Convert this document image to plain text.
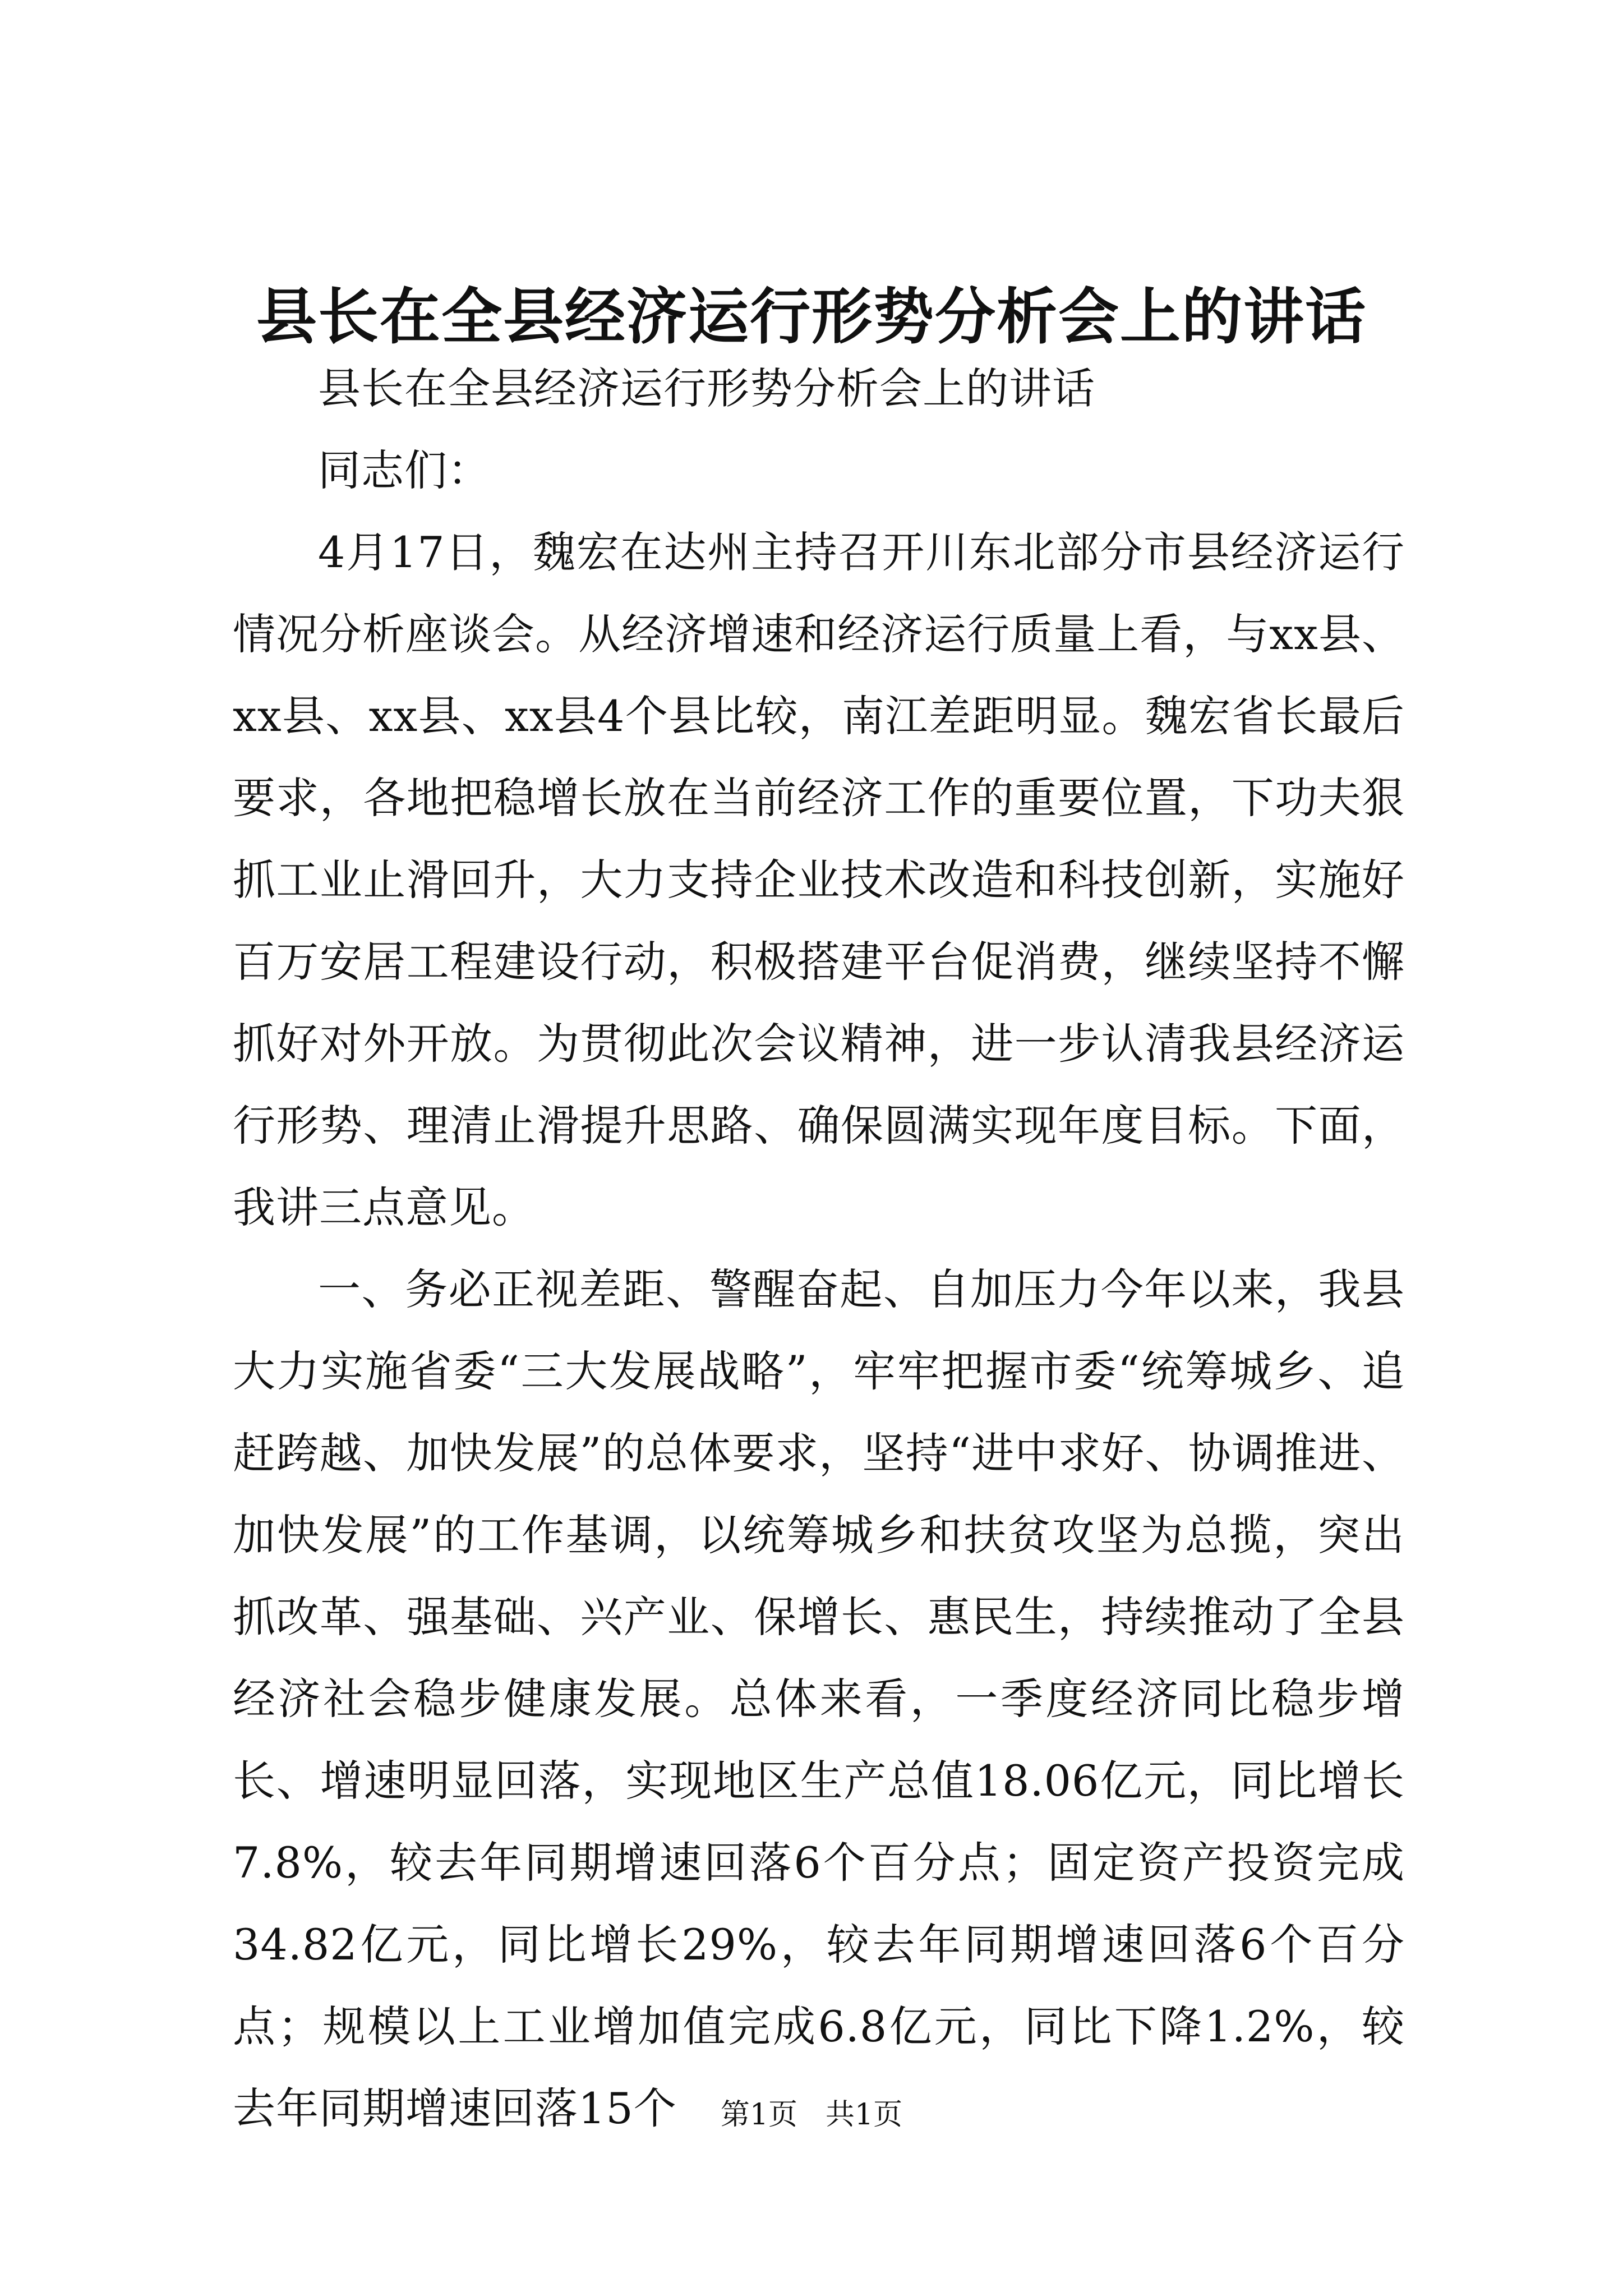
县长在全县经济运行形势分析会上的讲话

县长在全县经济运行形势分析会上的讲话

同志们：

4月17日，魏宏在达州主持召开川东北部分市县经济运行情况分析座谈会。从经济增速和经济运行质量上看，与xx县、xx县、xx县、xx县4个县比较，南江差距明显。魏宏省长最后要求，各地把稳增长放在当前经济工作的重要位置，下功夫狠抓工业止滑回升，大力支持企业技术改造和科技创新，实施好百万安居工程建设行动，积极搭建平台促消费，继续坚持不懈抓好对外开放。为贯彻此次会议精神，进一步认清我县经济运行形势、理清止滑提升思路、确保圆满实现年度目标。下面，我讲三点意见。

一、务必正视差距、警醒奋起、自加压力今年以来，我县大力实施省委“三大发展战略”，牢牢把握市委“统筹城乡、追赶跨越、加快发展”的总体要求，坚持“进中求好、协调推进、加快发展”的工作基调，以统筹城乡和扶贫攻坚为总揽，突出抓改革、强基础、兴产业、保增长、惠民生，持续推动了全县经济社会稳步健康发展。总体来看，一季度经济同比稳步增长、增速明显回落，实现地区生产总值18.06亿元，同比增长7.8%，较去年同期增速回落6个百分点；固定资产投资完成34.82亿元，同比增长29%，较去年同期增速回落6个百分点；规模以上工业增加值完成6.8亿元，同比下降1.2%，较去年同期增速回落15个	第1页 共1页
